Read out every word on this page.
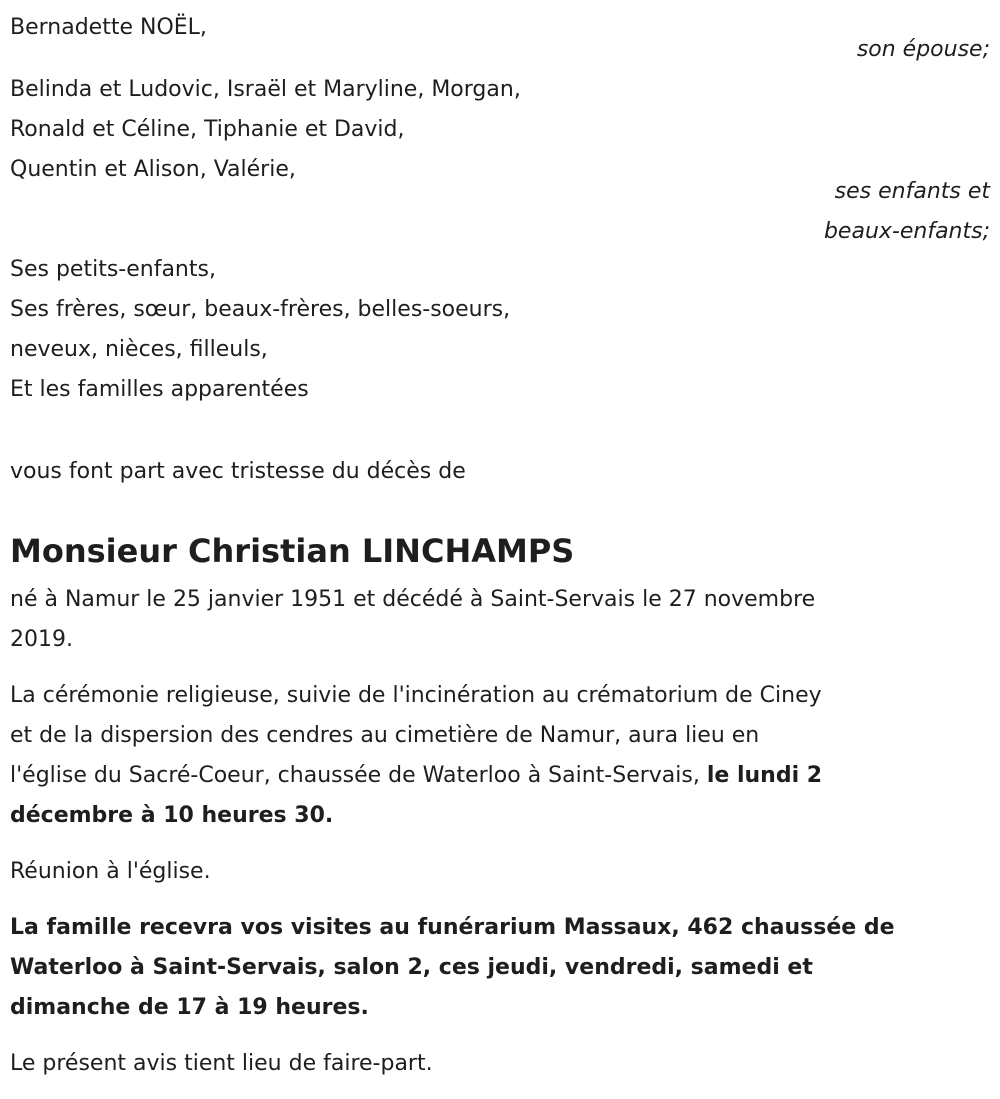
Bernadette NOËL,
son épouse;
Belinda et Ludovic, Israël et Maryline, Morgan,
Ronald et Céline, Tiphanie et David,
Quentin et Alison, Valérie,
ses enfants et
beaux-enfants;
Ses petits-enfants,
Ses frères, sœur, beaux-frères, belles-soeurs,
neveux, nièces, filleuls,
Et les familles apparentées
vous font part avec tristesse du décès de
Monsieur Christian LINCHAMPS
né à Namur le 25 janvier 1951 et décédé à Saint-Servais le 27 novembre
2019.
La cérémonie religieuse, suivie de l'incinération au crématorium de Ciney
et de la dispersion des cendres au cimetière de Namur, aura lieu en
l'église du Sacré-Coeur, chaussée de Waterloo à Saint-Servais, le lundi 2
décembre à 10 heures 30.
Réunion à l'église.
La famille recevra vos visites au funérarium Massaux, 462 chaussée de
Waterloo à Saint-Servais, salon 2, ces jeudi, vendredi, samedi et
dimanche de 17 à 19 heures.
Le présent avis tient lieu de faire-part.
